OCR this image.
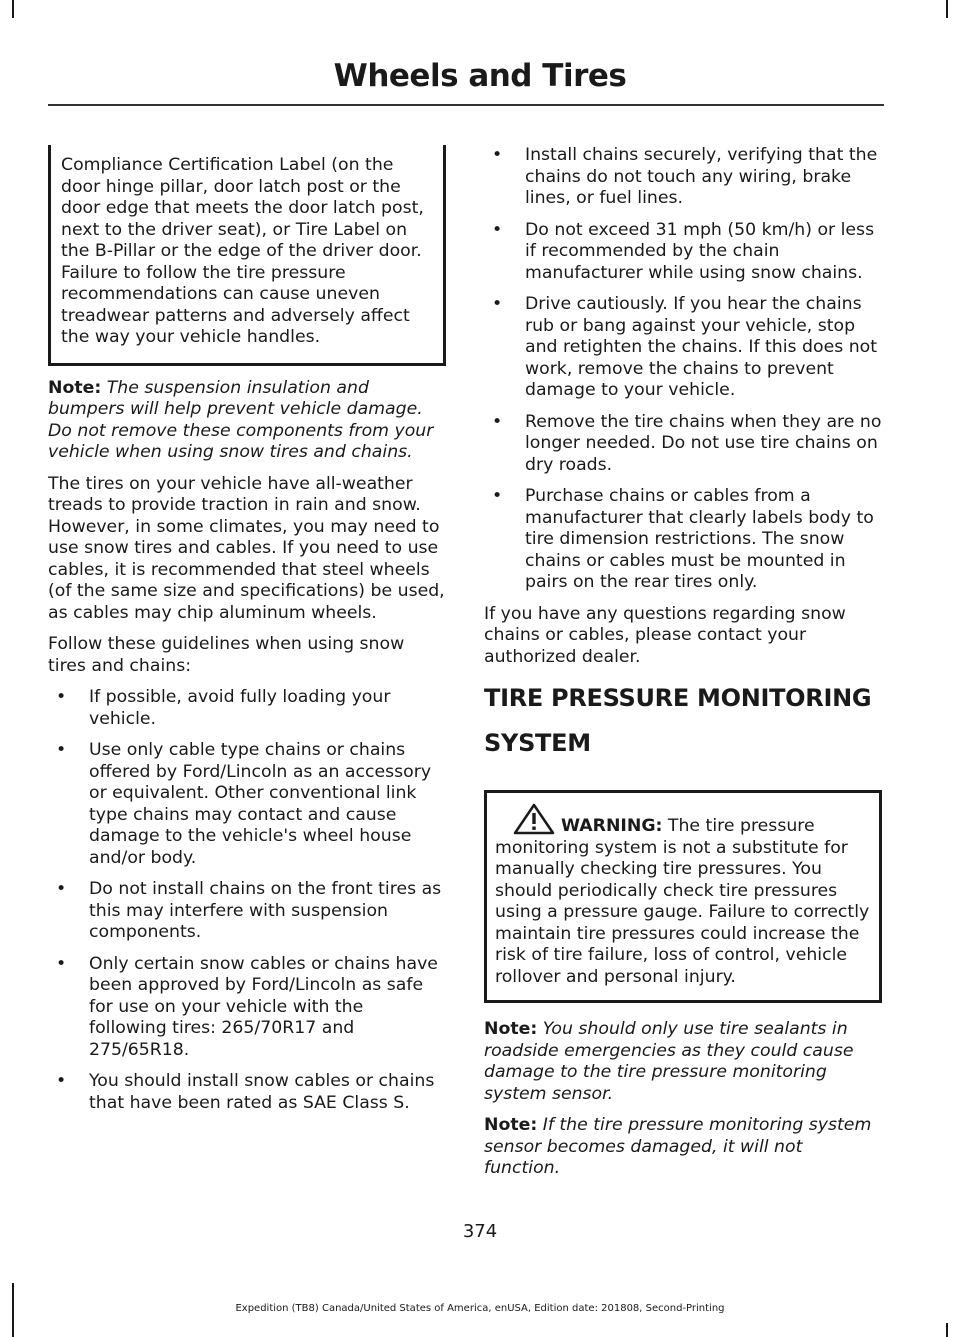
Wheels and Tires
Compliance Certification Label (on the door hinge pillar, door latch post or the door edge that meets the door latch post, next to the driver seat), or Tire Label on the B-Pillar or the edge of the driver door. Failure to follow the tire pressure recommendations can cause uneven treadwear patterns and adversely affect the way your vehicle handles.

Note: The suspension insulation and bumpers will help prevent vehicle damage. Do not remove these components from your vehicle when using snow tires and chains.

The tires on your vehicle have all-weather treads to provide traction in rain and snow. However, in some climates, you may need to use snow tires and cables. If you need to use cables, it is recommended that steel wheels (of the same size and specifications) be used, as cables may chip aluminum wheels.

Follow these guidelines when using snow tires and chains:

• If possible, avoid fully loading your vehicle.
• Use only cable type chains or chains offered by Ford/Lincoln as an accessory or equivalent. Other conventional link type chains may contact and cause damage to the vehicle's wheel house and/or body.
• Do not install chains on the front tires as this may interfere with suspension components.
• Only certain snow cables or chains have been approved by Ford/Lincoln as safe for use on your vehicle with the following tires: 265/70R17 and 275/65R18.
• You should install snow cables or chains that have been rated as SAE Class S.
• Install chains securely, verifying that the chains do not touch any wiring, brake lines, or fuel lines.
• Do not exceed 31 mph (50 km/h) or less if recommended by the chain manufacturer while using snow chains.
• Drive cautiously. If you hear the chains rub or bang against your vehicle, stop and retighten the chains. If this does not work, remove the chains to prevent damage to your vehicle.
• Remove the tire chains when they are no longer needed. Do not use tire chains on dry roads.
• Purchase chains or cables from a manufacturer that clearly labels body to tire dimension restrictions. The snow chains or cables must be mounted in pairs on the rear tires only.

If you have any questions regarding snow chains or cables, please contact your authorized dealer.

TIRE PRESSURE MONITORING
SYSTEM
WARNING: The tire pressure monitoring system is not a substitute for manually checking tire pressures. You should periodically check tire pressures using a pressure gauge. Failure to correctly maintain tire pressures could increase the risk of tire failure, loss of control, vehicle rollover and personal injury.

Note: You should only use tire sealants in roadside emergencies as they could cause damage to the tire pressure monitoring system sensor.

Note: If the tire pressure monitoring system sensor becomes damaged, it will not function.

374
Expedition (TB8) Canada/United States of America, enUSA, Edition date: 201808, Second-Printing
